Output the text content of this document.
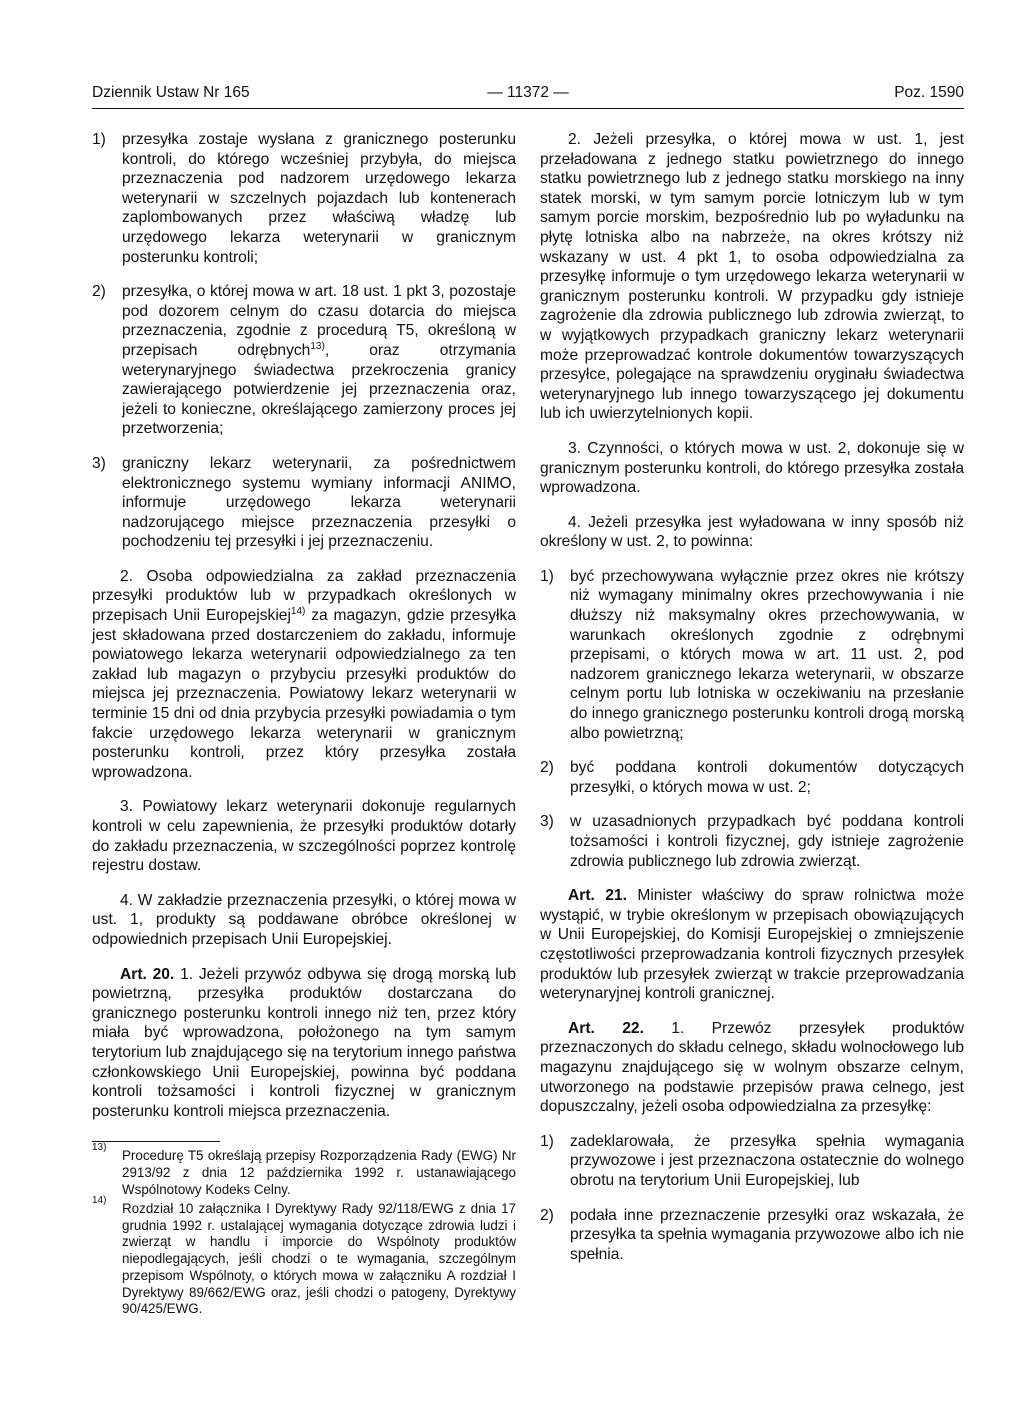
Dziennik Ustaw Nr 165	— 11372 —	Poz. 1590
1) przesyłka zostaje wysłana z granicznego posterunku kontroli, do którego wcześniej przybyła, do miejsca przeznaczenia pod nadzorem urzędowego lekarza weterynarii w szczelnych pojazdach lub kontenerach zaplombowanych przez właściwą władzę lub urzędowego lekarza weterynarii w granicznym posterunku kontroli;
2) przesyłka, o której mowa w art. 18 ust. 1 pkt 3, pozostaje pod dozorem celnym do czasu dotarcia do miejsca przeznaczenia, zgodnie z procedurą T5, określoną w przepisach odrębnych$^{13)}$, oraz otrzymania weterynaryjnego świadectwa przekroczenia granicy zawierającego potwierdzenie jej przeznaczenia oraz, jeżeli to konieczne, określającego zamierzony proces jej przetworzenia;
3) graniczny lekarz weterynarii, za pośrednictwem elektronicznego systemu wymiany informacji ANIMO, informuje urzędowego lekarza weterynarii nadzorującego miejsce przeznaczenia przesyłki o pochodzeniu tej przesyłki i jej przeznaczeniu.

2. Osoba odpowiedzialna za zakład przeznaczenia przesyłki produktów lub w przypadkach określonych w przepisach Unii Europejskiej$^{14)}$ za magazyn, gdzie przesyłka jest składowana przed dostarczeniem do zakładu, informuje powiatowego lekarza weterynarii odpowiedzialnego za ten zakład lub magazyn o przybyciu przesyłki produktów do miejsca jej przeznaczenia. Powiatowy lekarz weterynarii w terminie 15 dni od dnia przybycia przesyłki powiadamia o tym fakcie urzędowego lekarza weterynarii w granicznym posterunku kontroli, przez który przesyłka została wprowadzona.

3. Powiatowy lekarz weterynarii dokonuje regularnych kontroli w celu zapewnienia, że przesyłki produktów dotarły do zakładu przeznaczenia, w szczególności poprzez kontrolę rejestru dostaw.

4. W zakładzie przeznaczenia przesyłki, o której mowa w ust. 1, produkty są poddawane obróbce określonej w odpowiednich przepisach Unii Europejskiej.

Art. 20. 1. Jeżeli przywóz odbywa się drogą morską lub powietrzną, przesyłka produktów dostarczana do granicznego posterunku kontroli innego niż ten, przez który miała być wprowadzona, położonego na tym samym terytorium lub znajdującego się na terytorium innego państwa członkowskiego Unii Europejskiej, powinna być poddana kontroli tożsamości i kontroli fizycznej w granicznym posterunku kontroli miejsca przeznaczenia.

13)
Procedurę T5 określają przepisy Rozporządzenia Rady (EWG) Nr 2913/92 z dnia 12 października 1992 r. ustanawiającego Wspólnotowy Kodeks Celny.
14)
Rozdział 10 załącznika I Dyrektywy Rady 92/118/EWG z dnia 17 grudnia 1992 r. ustalającej wymagania dotyczące zdrowia ludzi i zwierząt w handlu i imporcie do Wspólnoty produktów niepodlegających, jeśli chodzi o te wymagania, szczególnym przepisom Wspólnoty, o których mowa w załączniku A rozdział I Dyrektywy 89/662/EWG oraz, jeśli chodzi o patogeny, Dyrektywy 90/425/EWG.

2. Jeżeli przesyłka, o której mowa w ust. 1, jest przeładowana z jednego statku powietrznego do innego statku powietrznego lub z jednego statku morskiego na inny statek morski, w tym samym porcie lotniczym lub w tym samym porcie morskim, bezpośrednio lub po wyładunku na płytę lotniska albo na nabrzeże, na okres krótszy niż wskazany w ust. 4 pkt 1, to osoba odpowiedzialna za przesyłkę informuje o tym urzędowego lekarza weterynarii w granicznym posterunku kontroli. W przypadku gdy istnieje zagrożenie dla zdrowia publicznego lub zdrowia zwierząt, to w wyjątkowych przypadkach graniczny lekarz weterynarii może przeprowadzać kontrole dokumentów towarzyszących przesyłce, polegające na sprawdzeniu oryginału świadectwa weterynaryjnego lub innego towarzyszącego jej dokumentu lub ich uwierzytelnionych kopii.

3. Czynności, o których mowa w ust. 2, dokonuje się w granicznym posterunku kontroli, do którego przesyłka została wprowadzona.

4. Jeżeli przesyłka jest wyładowana w inny sposób niż określony w ust. 2, to powinna:

1) być przechowywana wyłącznie przez okres nie krótszy niż wymagany minimalny okres przechowywania i nie dłuższy niż maksymalny okres przechowywania, w warunkach określonych zgodnie z odrębnymi przepisami, o których mowa w art. 11 ust. 2, pod nadzorem granicznego lekarza weterynarii, w obszarze celnym portu lub lotniska w oczekiwaniu na przesłanie do innego granicznego posterunku kontroli drogą morską albo powietrzną;
2) być poddana kontroli dokumentów dotyczących przesyłki, o których mowa w ust. 2;
3) w uzasadnionych przypadkach być poddana kontroli tożsamości i kontroli fizycznej, gdy istnieje zagrożenie zdrowia publicznego lub zdrowia zwierząt.

Art. 21. Minister właściwy do spraw rolnictwa może wystąpić, w trybie określonym w przepisach obowiązujących w Unii Europejskiej, do Komisji Europejskiej o zmniejszenie częstotliwości przeprowadzania kontroli fizycznych przesyłek produktów lub przesyłek zwierząt w trakcie przeprowadzania weterynaryjnej kontroli granicznej.

Art. 22. 1. Przewóz przesyłek produktów przeznaczonych do składu celnego, składu wolnocłowego lub magazynu znajdującego się w wolnym obszarze celnym, utworzonego na podstawie przepisów prawa celnego, jest dopuszczalny, jeżeli osoba odpowiedzialna za przesyłkę:

1) zadeklarowała, że przesyłka spełnia wymagania przywozowe i jest przeznaczona ostatecznie do wolnego obrotu na terytorium Unii Europejskiej, lub
2) podała inne przeznaczenie przesyłki oraz wskazała, że przesyłka ta spełnia wymagania przywozowe albo ich nie spełnia.
